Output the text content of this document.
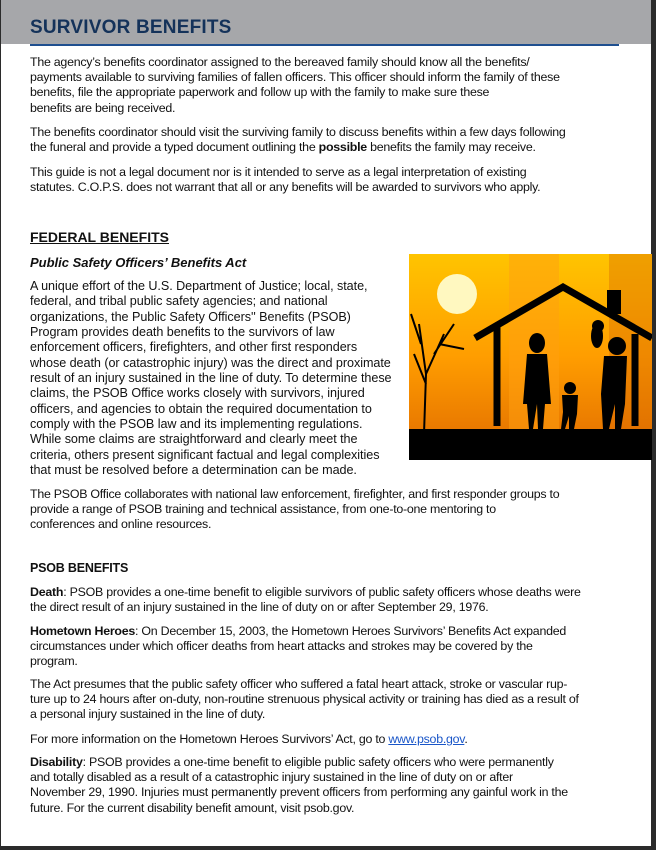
SURVIVOR BENEFITS
The agency’s benefits coordinator assigned to the bereaved family should know all the benefits/
payments available to surviving families of fallen officers. This officer should inform the family of these
benefits, file the appropriate paperwork and follow up with the family to make sure these
benefits are being received.
The benefits coordinator should visit the surviving family to discuss benefits within a few days following
the funeral and provide a typed document outlining the possible benefits the family may receive.
This guide is not a legal document nor is it intended to serve as a legal interpretation of existing
statutes. C.O.P.S. does not warrant that all or any benefits will be awarded to survivors who apply.
FEDERAL BENEFITS
Public Safety Officers’ Benefits Act
A unique effort of the U.S. Department of Justice; local, state,
federal, and tribal public safety agencies; and national
organizations, the Public Safety Officers'' Benefits (PSOB)
Program provides death benefits to the survivors of law
enforcement officers, firefighters, and other first responders
whose death (or catastrophic injury) was the direct and proximate
result of an injury sustained in the line of duty. To determine these
claims, the PSOB Office works closely with survivors, injured
officers, and agencies to obtain the required documentation to
comply with the PSOB law and its implementing regulations.
While some claims are straightforward and clearly meet the
criteria, others present significant factual and legal complexities
that must be resolved before a determination can be made.
The PSOB Office collaborates with national law enforcement, firefighter, and first responder groups to
provide a range of PSOB training and technical assistance, from one-to-one mentoring to
conferences and online resources.
PSOB BENEFITS
Death: PSOB provides a one-time benefit to eligible survivors of public safety officers whose deaths were
the direct result of an injury sustained in the line of duty on or after September 29, 1976.
Hometown Heroes: On December 15, 2003, the Hometown Heroes Survivors’ Benefits Act expanded
circumstances under which officer deaths from heart attacks and strokes may be covered by the
program.
The Act presumes that the public safety officer who suffered a fatal heart attack, stroke or vascular rup-
ture up to 24 hours after on-duty, non-routine strenuous physical activity or training has died as a result of
a personal injury sustained in the line of duty.
For more information on the Hometown Heroes Survivors’ Act, go to www.psob.gov.
Disability: PSOB provides a one-time benefit to eligible public safety officers who were permanently
and totally disabled as a result of a catastrophic injury sustained in the line of duty on or after
November 29, 1990. Injuries must permanently prevent officers from performing any gainful work in the
future. For the current disability benefit amount, visit psob.gov.
